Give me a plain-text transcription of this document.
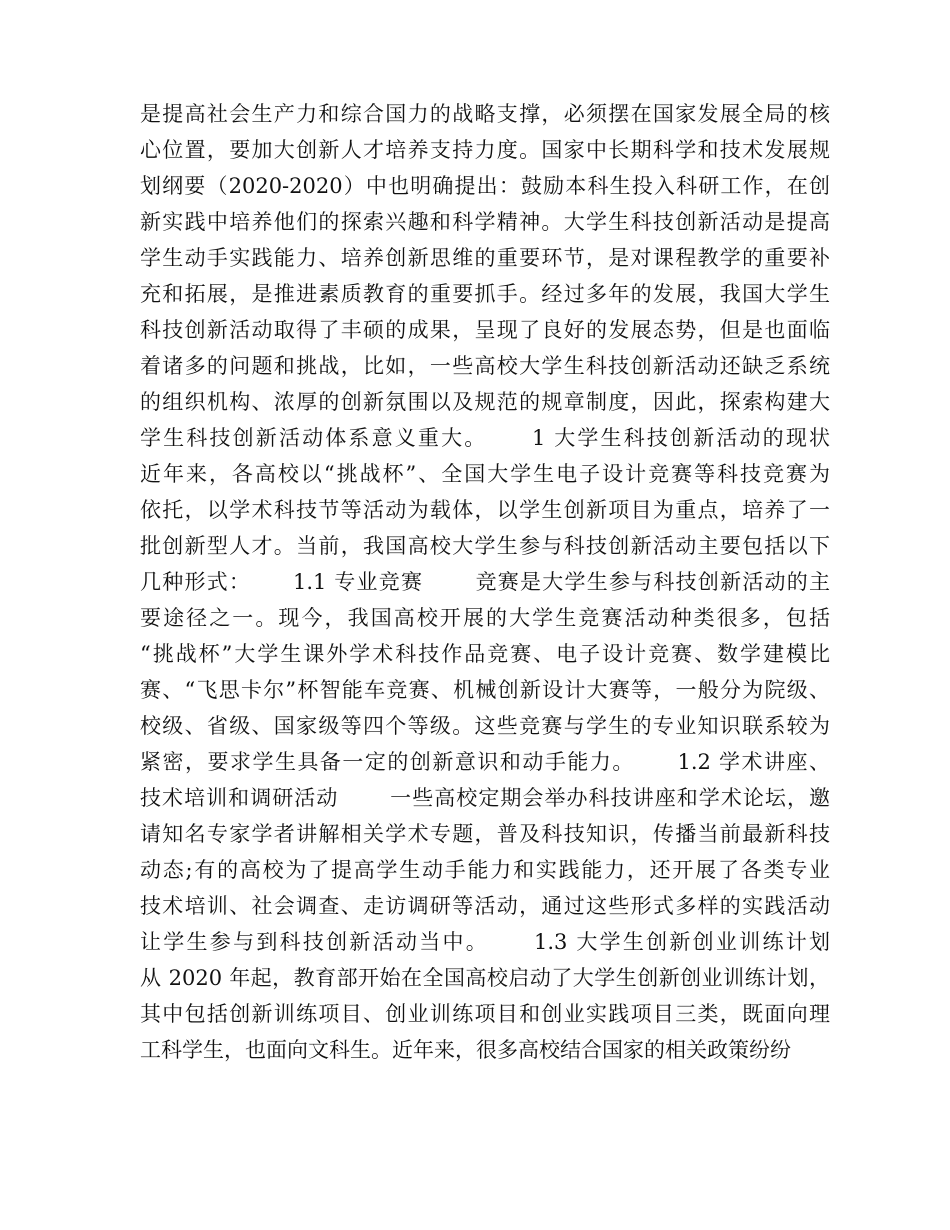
是提高社会生产力和综合国力的战略支撑，必须摆在国家发展全局的核
心位置，要加大创新人才培养支持力度。国家中长期科学和技术发展规
划纲要（2020-2020）中也明确提出：鼓励本科生投入科研工作，在创
新实践中培养他们的探索兴趣和科学精神。大学生科技创新活动是提高
学生动手实践能力、培养创新思维的重要环节，是对课程教学的重要补
充和拓展，是推进素质教育的重要抓手。经过多年的发展，我国大学生
科技创新活动取得了丰硕的成果，呈现了良好的发展态势，但是也面临
着诸多的问题和挑战，比如，一些高校大学生科技创新活动还缺乏系统
的组织机构、浓厚的创新氛围以及规范的规章制度，因此，探索构建大
学生科技创新活动体系意义重大。　　 1 大学生科技创新活动的现状
近年来，各高校以“挑战杯”、全国大学生电子设计竞赛等科技竞赛为
依托，以学术科技节等活动为载体，以学生创新项目为重点，培养了一
批创新型人才。当前，我国高校大学生参与科技创新活动主要包括以下
几种形式：　　 1.1 专业竞赛　　 竞赛是大学生参与科技创新活动的主
要途径之一。现今，我国高校开展的大学生竞赛活动种类很多，包括
“挑战杯”大学生课外学术科技作品竞赛、电子设计竞赛、数学建模比
赛、“飞思卡尔”杯智能车竞赛、机械创新设计大赛等，一般分为院级、
校级、省级、国家级等四个等级。这些竞赛与学生的专业知识联系较为
紧密，要求学生具备一定的创新意识和动手能力。　　 1.2 学术讲座、
技术培训和调研活动　　 一些高校定期会举办科技讲座和学术论坛，邀
请知名专家学者讲解相关学术专题，普及科技知识，传播当前最新科技
动态;有的高校为了提高学生动手能力和实践能力，还开展了各类专业
技术培训、社会调查、走访调研等活动，通过这些形式多样的实践活动
让学生参与到科技创新活动当中。　　 1.3 大学生创新创业训练计划
从 2020 年起，教育部开始在全国高校启动了大学生创新创业训练计划，
其中包括创新训练项目、创业训练项目和创业实践项目三类，既面向理
工科学生，也面向文科生。近年来，很多高校结合国家的相关政策纷纷
